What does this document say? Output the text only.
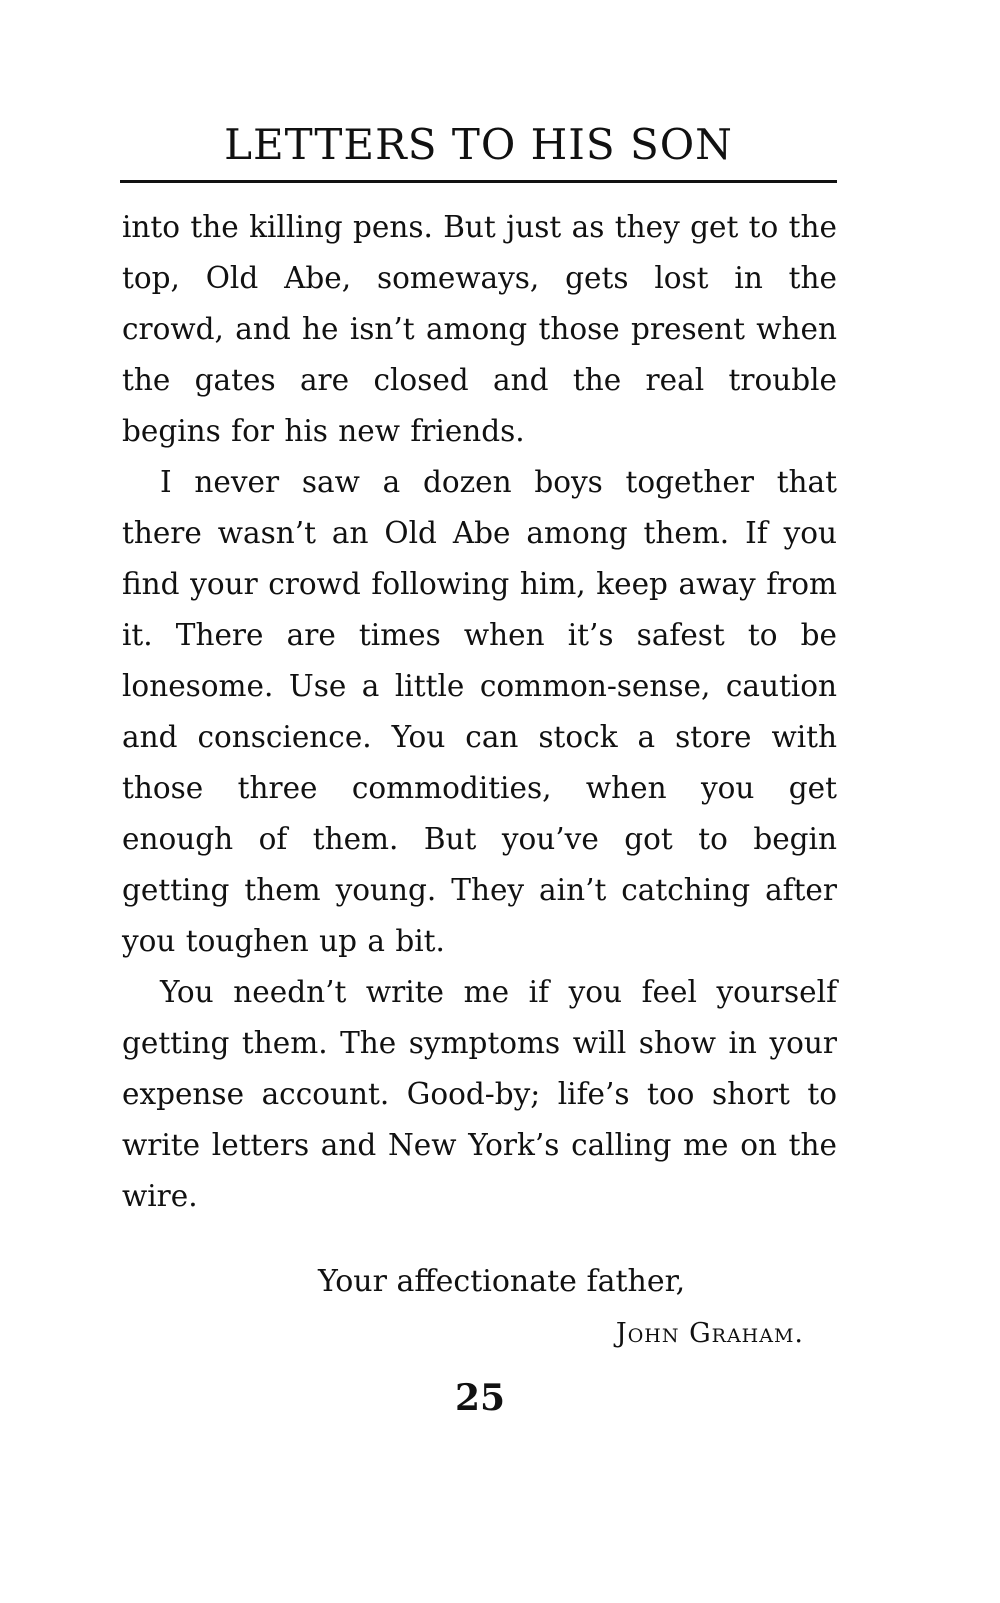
LETTERS TO HIS SON

into the killing pens. But just as they get to the top, Old Abe, someways, gets lost in the crowd, and he isn’t among those present when the gates are closed and the real trouble begins for his new friends.

I never saw a dozen boys together that there wasn’t an Old Abe among them. If you find your crowd following him, keep away from it. There are times when it’s safest to be lonesome. Use a little common-sense, caution and conscience. You can stock a store with those three commodities, when you get enough of them. But you’ve got to begin getting them young. They ain’t catching after you toughen up a bit.

You needn’t write me if you feel yourself getting them. The symptoms will show in your expense account. Good-by; life’s too short to write letters and New York’s calling me on the wire.

Your affectionate father,
John Graham.
25
